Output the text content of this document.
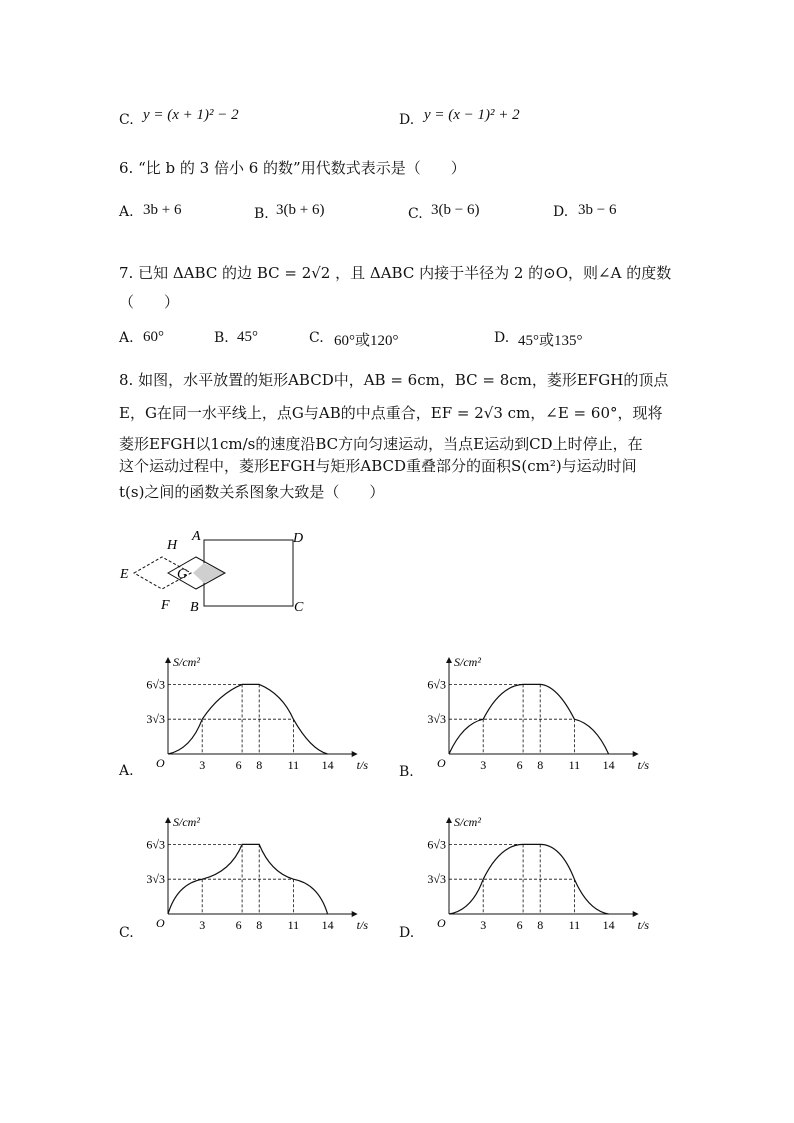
C. y = (x + 1)² − 2	D. y = (x − 1)² + 2
6. “比 b 的 3 倍小 6 的数”用代数式表示是（　　）
A. 3b + 6	B. 3(b + 6)	C. 3(b − 6)	D. 3b − 6
7. 已知 ΔABC 的边 BC = 2√2 ，且 ΔABC 内接于半径为 2 的⊙O，则∠A 的度数
（　　）
A. 60°	B. 45°	C. 60°或120°	D. 45°或135°
8. 如图，水平放置的矩形ABCD中，AB = 6cm，BC = 8cm，菱形EFGH的顶点
E，G在同一水平线上，点G与AB的中点重合，EF = 2√3 cm，∠E = 60°，现将
菱形EFGH以1cm/s的速度沿BC方向匀速运动，当点E运动到CD上时停止，在
这个运动过程中，菱形EFGH与矩形ABCD重叠部分的面积S(cm²)与运动时间
t(s)之间的函数关系图象大致是（　　）
H
A	D
E	G
F B	C
A.
6√3
3√3
S/cm²
O	3	6 8 11 14 t/s B.
6√3
3√3
S/cm²
O	3	6 8 11 14 t/s
C.
6√3
3√3
S/cm²
O	3	6 8 11 14 t/s D.
6√3
3√3
S/cm²
O	3	6 8 11 14 t/s
